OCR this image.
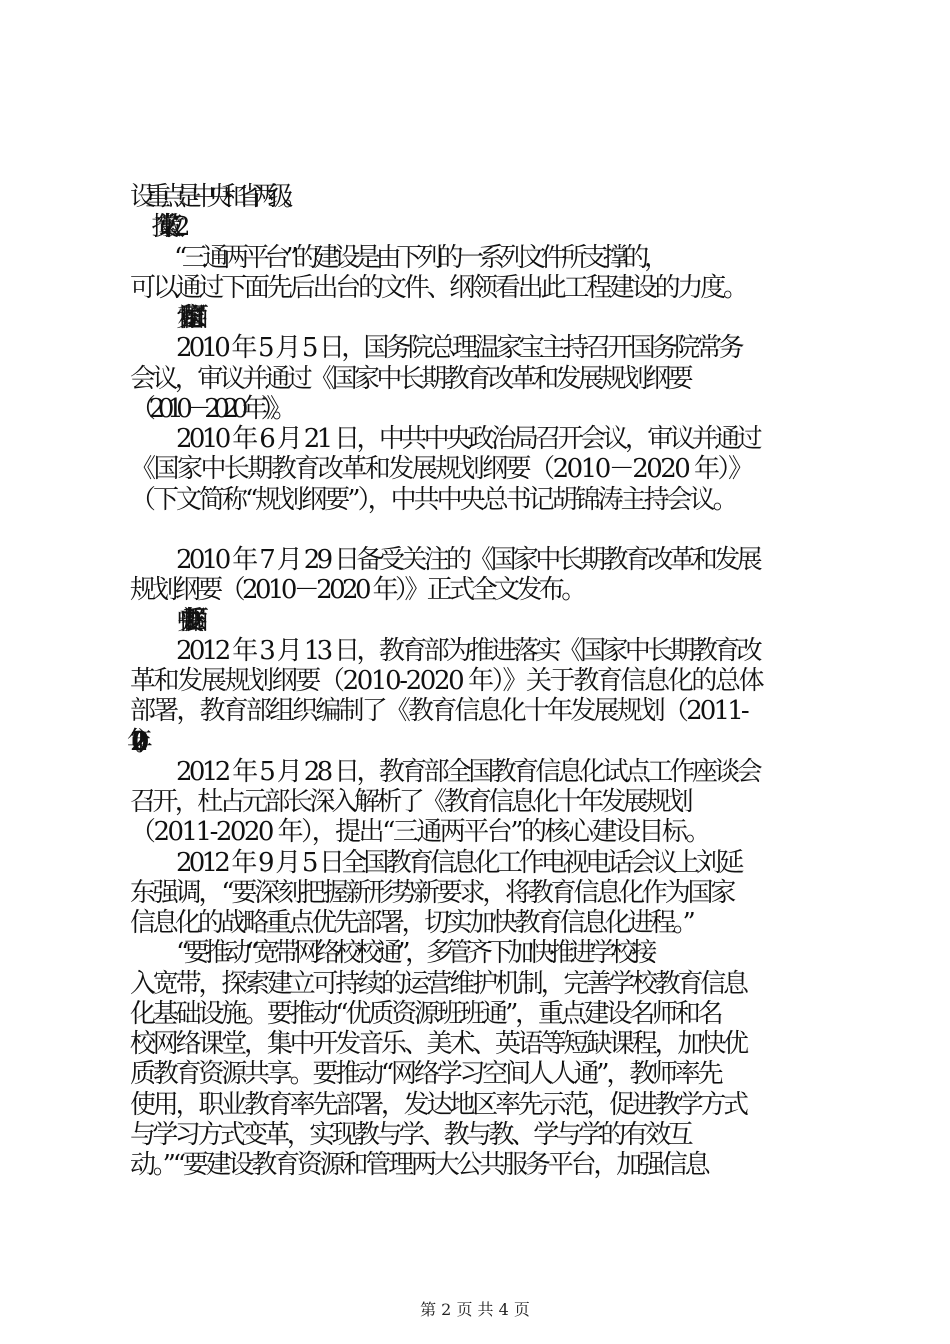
设重点是中央和省两级。
“三通两平台”的建设是由下列的一系列文件所支撑的，
可以通过下面先后出台的文件、纲领看出此工程建设的力度。
党和国家层面：
2010 年 5 月 5 日，国务院总理温家宝主持召开国务院常务
会议，审议并通过《国家中长期教育改革和发展规划纲要
（2010－2020 年）》。
2010 年 6 月 21 日，中共中央政治局召开会议，审议并通过
《国家中长期教育改革和发展规划纲要（2010－2020 年）》
（下文简称“规划纲要”），中共中央总书记胡锦涛主持会议。
2010 年 7 月 29 日备受关注的《国家中长期教育改革和发展
规划纲要（2010－2020 年）》正式全文发布。
中央部委层面：
2012 年 3 月 13 日，教育部为推进落实《国家中长期教育改
革和发展规划纲要（2010-2020 年）》关于教育信息化的总体
部署，教育部组织编制了《教育信息化十年发展规划（2011-
2020 年）。
2012 年 5 月 28 日，教育部全国教育信息化试点工作座谈会
召开，杜占元部长深入解析了《教育信息化十年发展规划
（2011-2020 年），提出“三通两平台”的核心建设目标。
2012 年 9 月 5 日全国教育信息化工作电视电话会议上刘延
东强调，“要深刻把握新形势新要求，将教育信息化作为国家
信息化的战略重点优先部署，切实加快教育信息化进程。”
“要推动“宽带网络校校通”，多管齐下加快推进学校接
入宽带，探索建立可持续的运营维护机制，完善学校教育信息
化基础设施。要推动“优质资源班班通”，重点建设名师和名
校网络课堂，集中开发音乐、美术、英语等短缺课程，加快优
质教育资源共享。要推动“网络学习空间人人通”，教师率先
使用，职业教育率先部署，发达地区率先示范，促进教学方式
与学习方式变革，实现教与学、教与教、学与学的有效互
动。”“要建设教育资源和管理两大公共服务平台，加强信息
第 2 页 共 4 页
